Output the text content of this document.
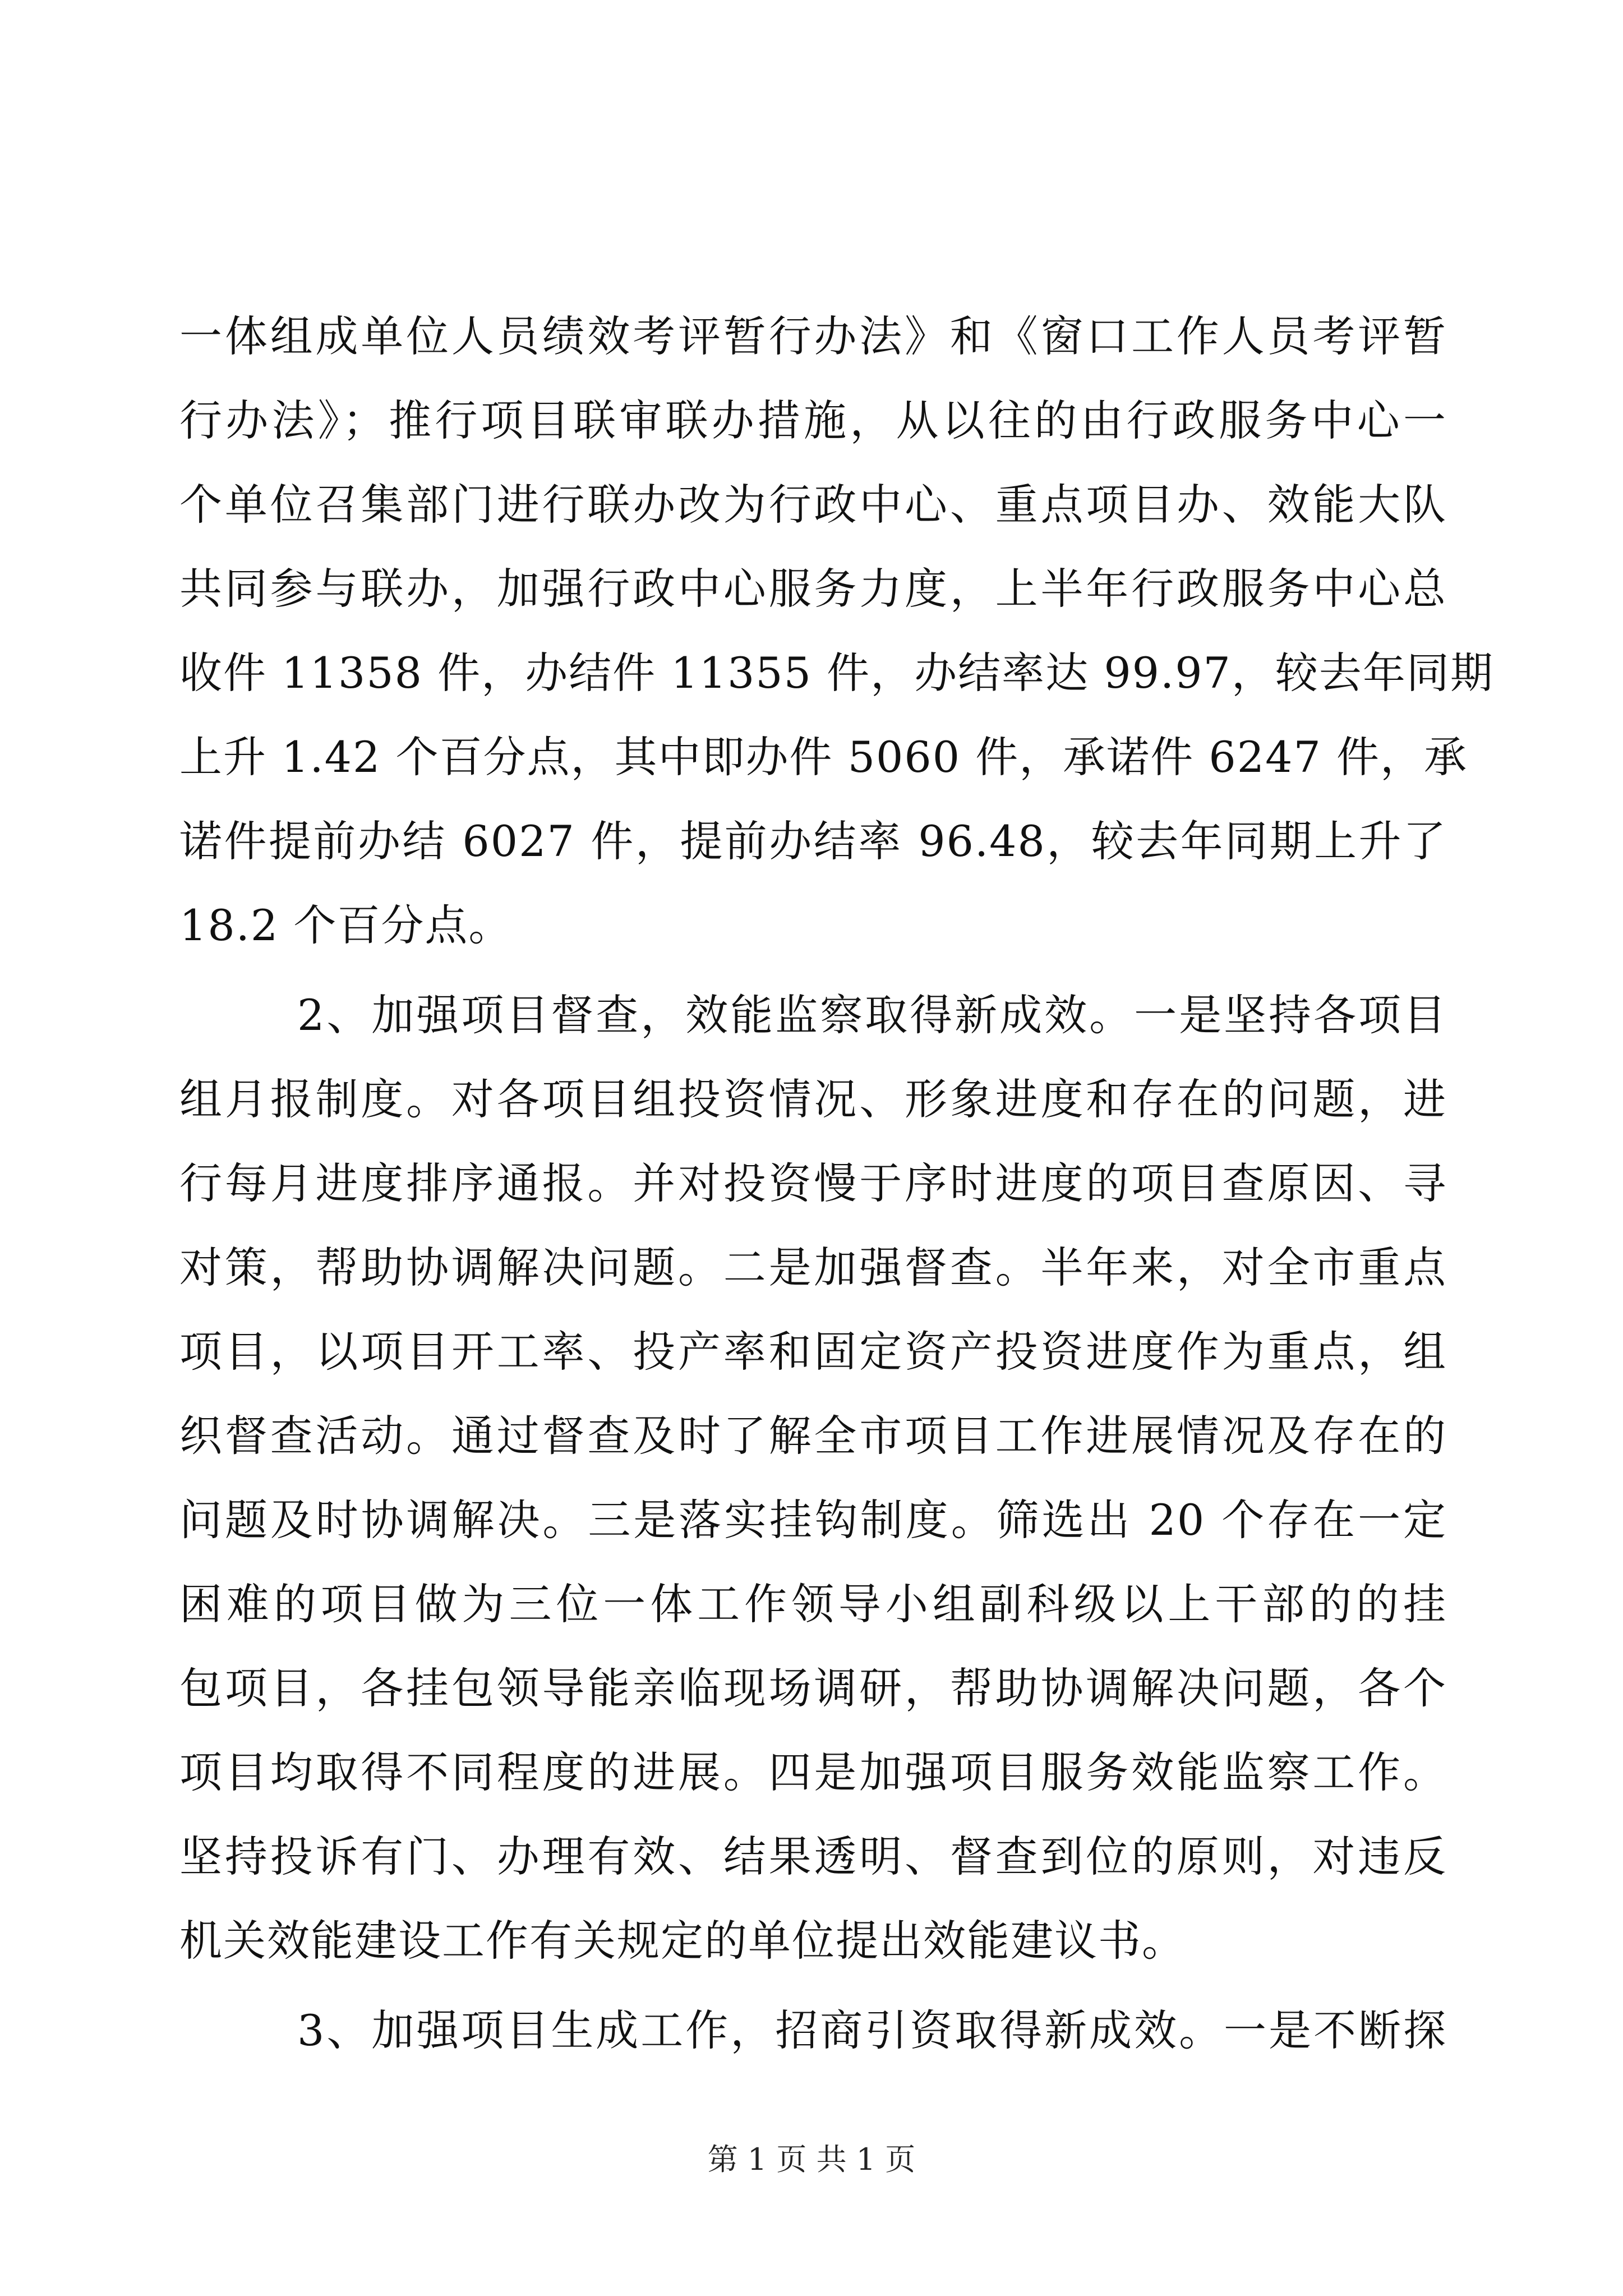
一体组成单位人员绩效考评暂行办法》和《窗口工作人员考评暂
行办法》；推行项目联审联办措施，从以往的由行政服务中心一
个单位召集部门进行联办改为行政中心、重点项目办、效能大队
共同参与联办，加强行政中心服务力度，上半年行政服务中心总
收件 11358 件，办结件 11355 件，办结率达 99.97，较去年同期
上升 1.42 个百分点，其中即办件 5060 件，承诺件 6247 件，承
诺件提前办结 6027 件，提前办结率 96.48，较去年同期上升了
18.2 个百分点。
2、加强项目督查，效能监察取得新成效。一是坚持各项目
组月报制度。对各项目组投资情况、形象进度和存在的问题，进
行每月进度排序通报。并对投资慢于序时进度的项目查原因、寻
对策，帮助协调解决问题。二是加强督查。半年来，对全市重点
项目，以项目开工率、投产率和固定资产投资进度作为重点，组
织督查活动。通过督查及时了解全市项目工作进展情况及存在的
问题及时协调解决。三是落实挂钩制度。筛选出 20 个存在一定
困难的项目做为三位一体工作领导小组副科级以上干部的的挂
包项目，各挂包领导能亲临现场调研，帮助协调解决问题，各个
项目均取得不同程度的进展。四是加强项目服务效能监察工作。
坚持投诉有门、办理有效、结果透明、督查到位的原则，对违反
机关效能建设工作有关规定的单位提出效能建议书。
3、加强项目生成工作，招商引资取得新成效。一是不断探
第 1 页 共 1 页
